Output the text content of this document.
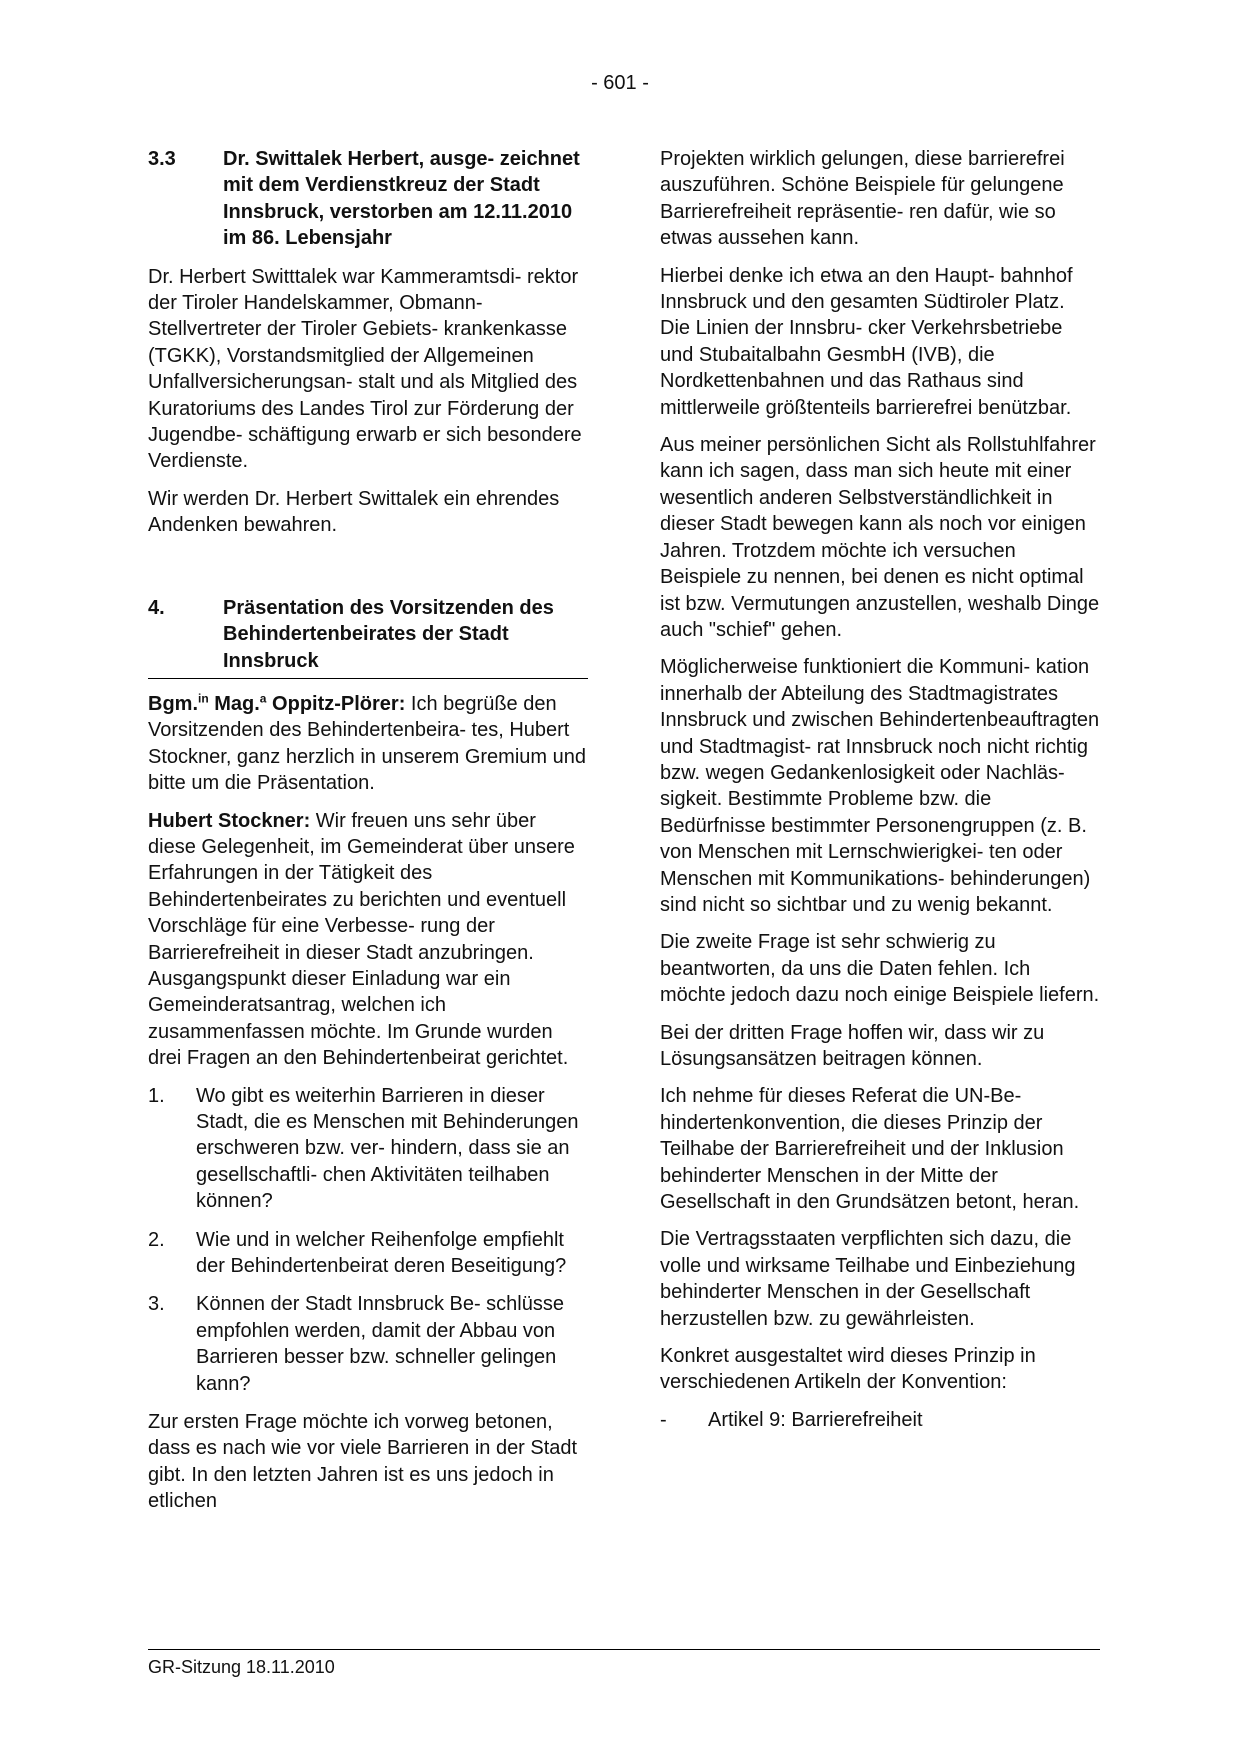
- 601 -
3.3	Dr. Swittalek Herbert, ausge- zeichnet mit dem Verdienstkreuz der Stadt Innsbruck, verstorben am 12.11.2010 im 86. Lebensjahr

Dr. Herbert Switttalek war Kammeramtsdi- rektor der Tiroler Handelskammer, Obmann-Stellvertreter der Tiroler Gebiets- krankenkasse (TGKK), Vorstandsmitglied der Allgemeinen Unfallversicherungsan- stalt und als Mitglied des Kuratoriums des Landes Tirol zur Förderung der Jugendbe- schäftigung erwarb er sich besondere Verdienste.

Wir werden Dr. Herbert Swittalek ein ehrendes Andenken bewahren.

4.	Präsentation des Vorsitzenden des Behindertenbeirates der Stadt Innsbruck

Bgm.$^{in}$ Mag.$^a$ Oppitz-Plörer: Ich begrüße den Vorsitzenden des Behindertenbeira- tes, Hubert Stockner, ganz herzlich in unserem Gremium und bitte um die Präsentation.

Hubert Stockner: Wir freuen uns sehr über diese Gelegenheit, im Gemeinderat über unsere Erfahrungen in der Tätigkeit des Behindertenbeirates zu berichten und eventuell Vorschläge für eine Verbesse- rung der Barrierefreiheit in dieser Stadt anzubringen. Ausgangspunkt dieser Einladung war ein Gemeinderatsantrag, welchen ich zusammenfassen möchte. Im Grunde wurden drei Fragen an den Behindertenbeirat gerichtet.

1.	Wo gibt es weiterhin Barrieren in dieser Stadt, die es Menschen mit Behinderungen erschweren bzw. ver- hindern, dass sie an gesellschaftli- chen Aktivitäten teilhaben können?
2.	Wie und in welcher Reihenfolge empfiehlt der Behindertenbeirat deren Beseitigung?
3.	Können der Stadt Innsbruck Be- schlüsse empfohlen werden, damit der Abbau von Barrieren besser bzw. schneller gelingen kann?

Zur ersten Frage möchte ich vorweg betonen, dass es nach wie vor viele Barrieren in der Stadt gibt. In den letzten Jahren ist es uns jedoch in etlichen

Projekten wirklich gelungen, diese barrierefrei auszuführen. Schöne Beispiele für gelungene Barrierefreiheit repräsentie- ren dafür, wie so etwas aussehen kann.

Hierbei denke ich etwa an den Haupt- bahnhof Innsbruck und den gesamten Südtiroler Platz. Die Linien der Innsbru- cker Verkehrsbetriebe und Stubaitalbahn GesmbH (IVB), die Nordkettenbahnen und das Rathaus sind mittlerweile größtenteils barrierefrei benützbar.

Aus meiner persönlichen Sicht als Rollstuhlfahrer kann ich sagen, dass man sich heute mit einer wesentlich anderen Selbstverständlichkeit in dieser Stadt bewegen kann als noch vor einigen Jahren. Trotzdem möchte ich versuchen Beispiele zu nennen, bei denen es nicht optimal ist bzw. Vermutungen anzustellen, weshalb Dinge auch "schief" gehen.

Möglicherweise funktioniert die Kommuni- kation innerhalb der Abteilung des Stadtmagistrates Innsbruck und zwischen Behindertenbeauftragten und Stadtmagist- rat Innsbruck noch nicht richtig bzw. wegen Gedankenlosigkeit oder Nachläs- sigkeit. Bestimmte Probleme bzw. die Bedürfnisse bestimmter Personengruppen (z. B. von Menschen mit Lernschwierigkei- ten oder Menschen mit Kommunikations- behinderungen) sind nicht so sichtbar und zu wenig bekannt.

Die zweite Frage ist sehr schwierig zu beantworten, da uns die Daten fehlen. Ich möchte jedoch dazu noch einige Beispiele liefern.

Bei der dritten Frage hoffen wir, dass wir zu Lösungsansätzen beitragen können.

Ich nehme für dieses Referat die UN-Be- hindertenkonvention, die dieses Prinzip der Teilhabe der Barrierefreiheit und der Inklusion behinderter Menschen in der Mitte der Gesellschaft in den Grundsätzen betont, heran.

Die Vertragsstaaten verpflichten sich dazu, die volle und wirksame Teilhabe und Einbeziehung behinderter Menschen in der Gesellschaft herzustellen bzw. zu gewährleisten.

Konkret ausgestaltet wird dieses Prinzip in verschiedenen Artikeln der Konvention:

-	Artikel 9: Barrierefreiheit
GR-Sitzung 18.11.2010
